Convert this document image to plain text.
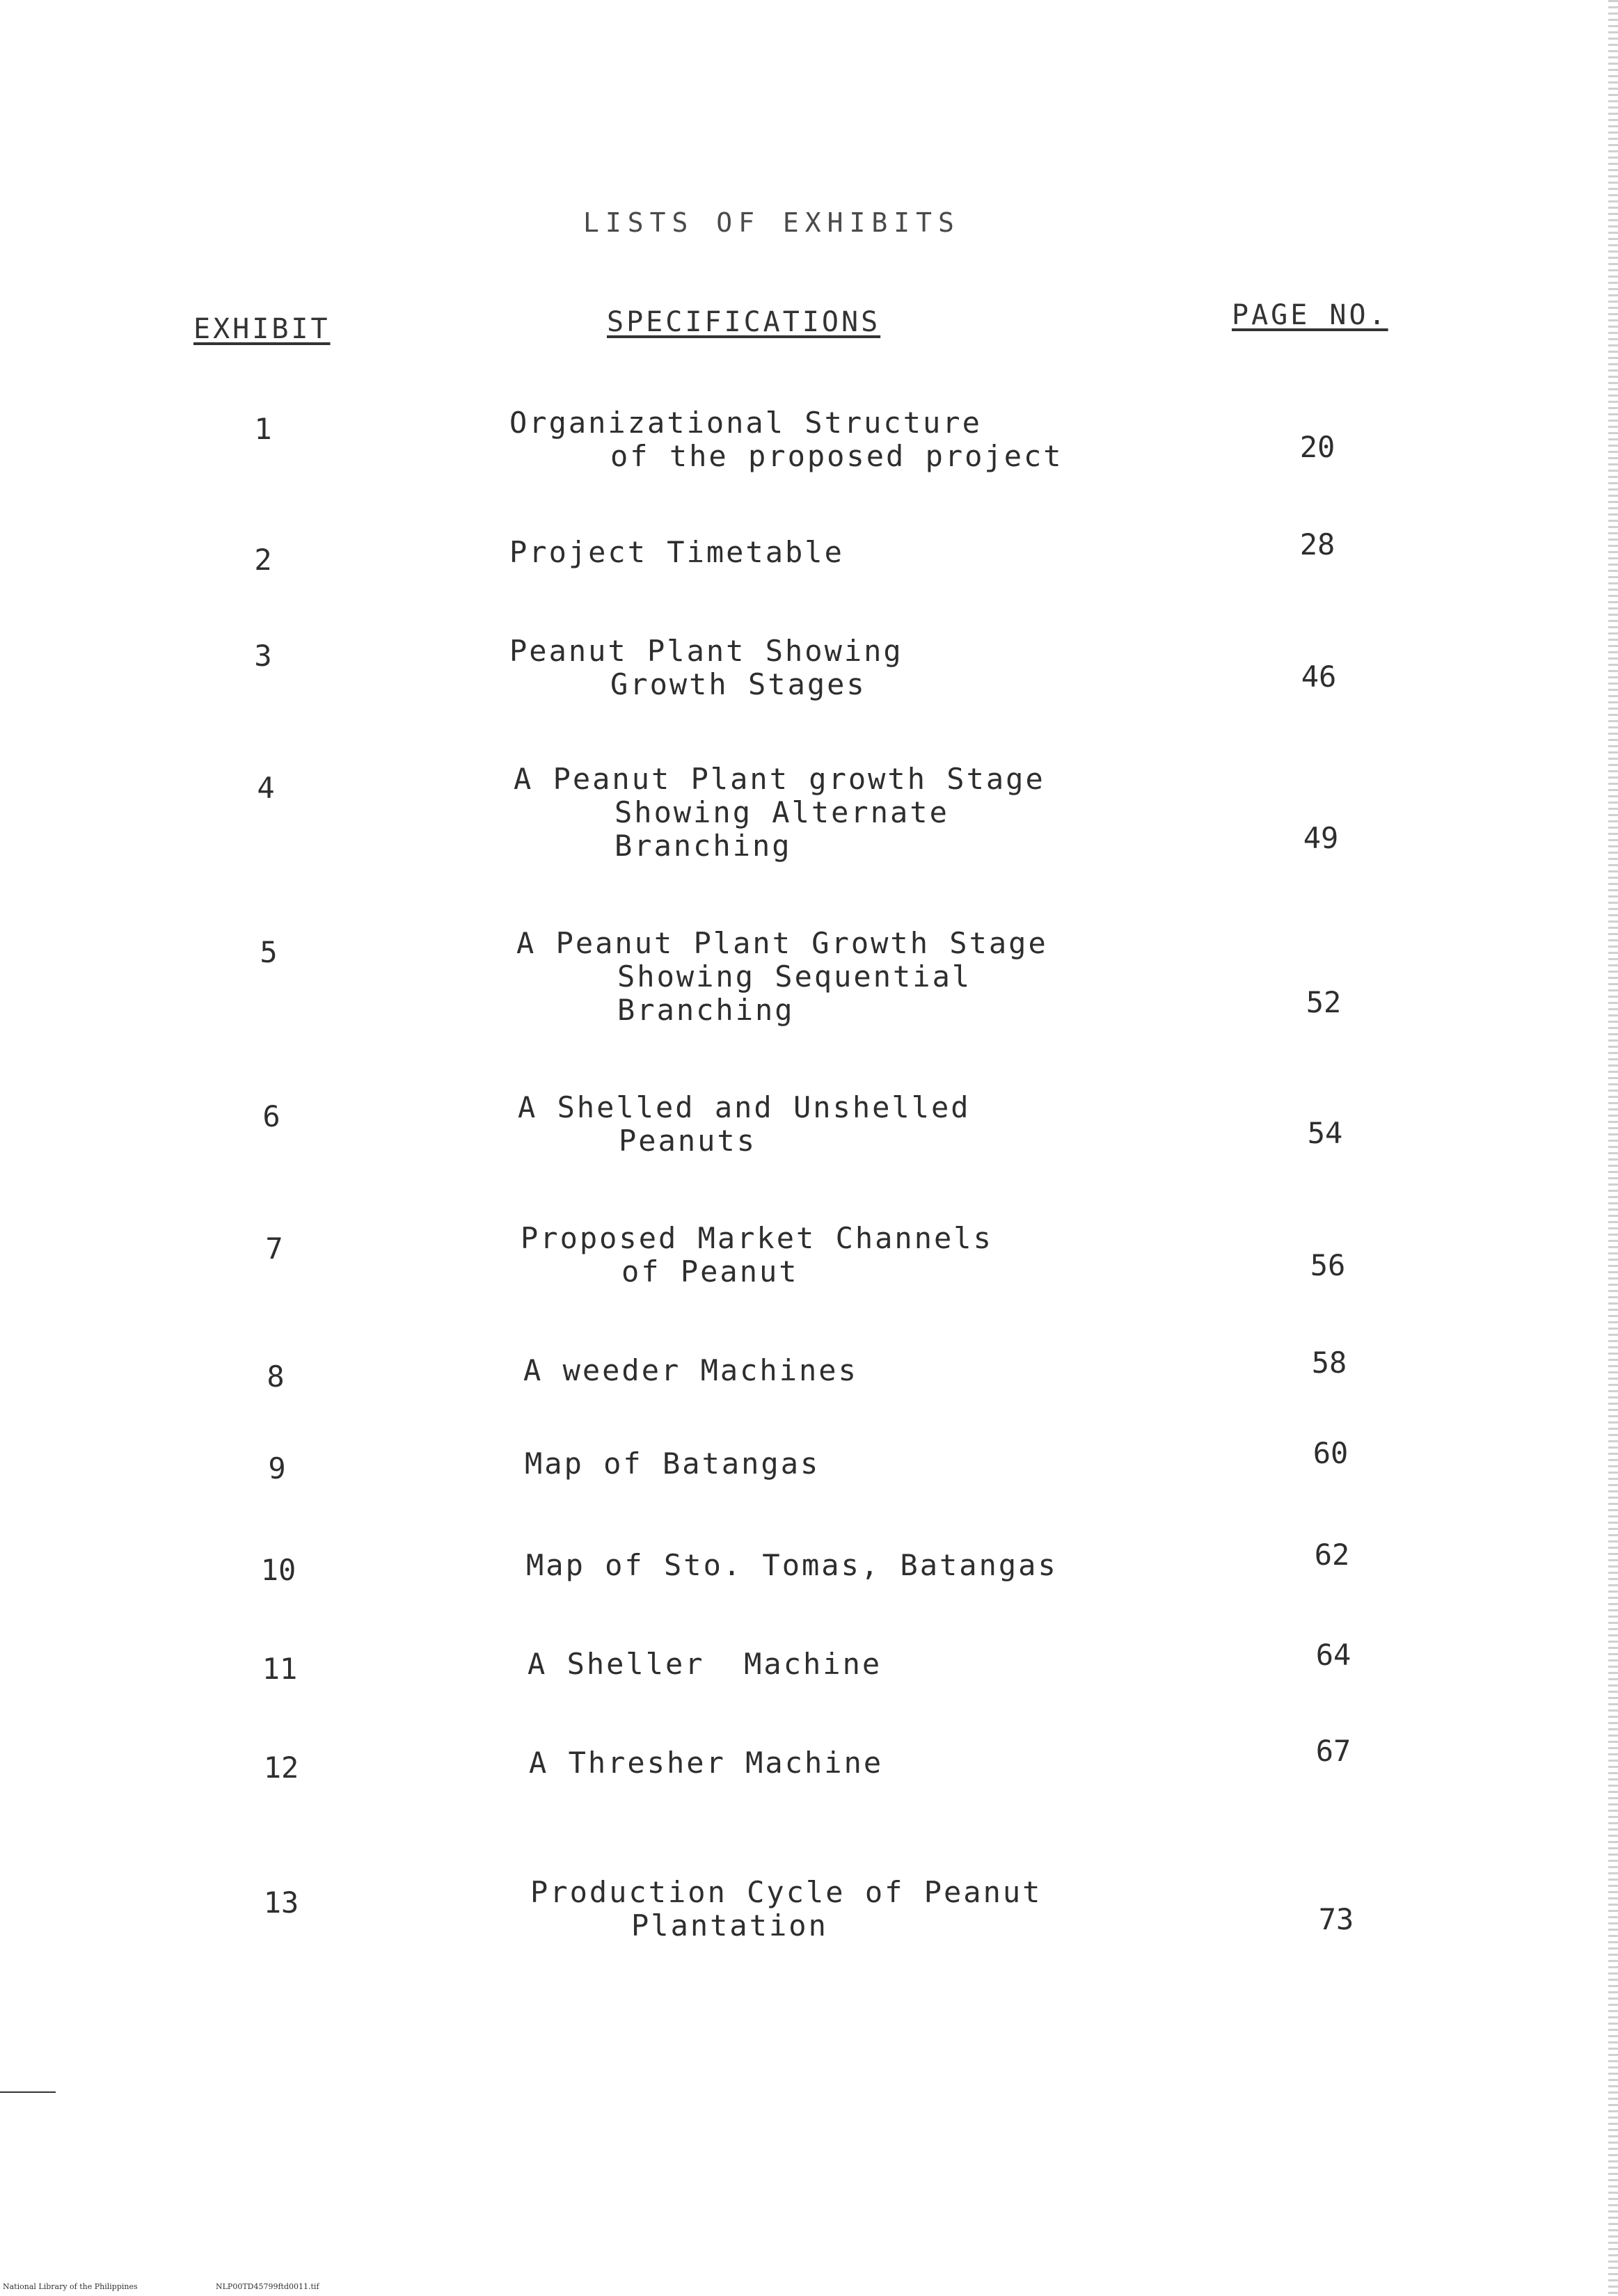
LISTS OF EXHIBITS
EXHIBIT	SPECIFICATIONS	PAGE NO.
1	Organizational Structure
of the proposed project	20
2	Project Timetable	28
3	Peanut Plant Showing
Growth Stages	46
4	A Peanut Plant growth Stage
Showing Alternate
Branching	49
5	A Peanut Plant Growth Stage
Showing Sequential
Branching	52
6	A Shelled and Unshelled
Peanuts	54
7	Proposed Market Channels
of Peanut	56
8	A weeder Machines	58
9	Map of Batangas	60
10	Map of Sto. Tomas, Batangas	62
11	A Sheller  Machine	64
12	A Thresher Machine	67
13	Production Cycle of Peanut
Plantation	73
National Library of the Philippines	NLP00TD45799ftd0011.tif
